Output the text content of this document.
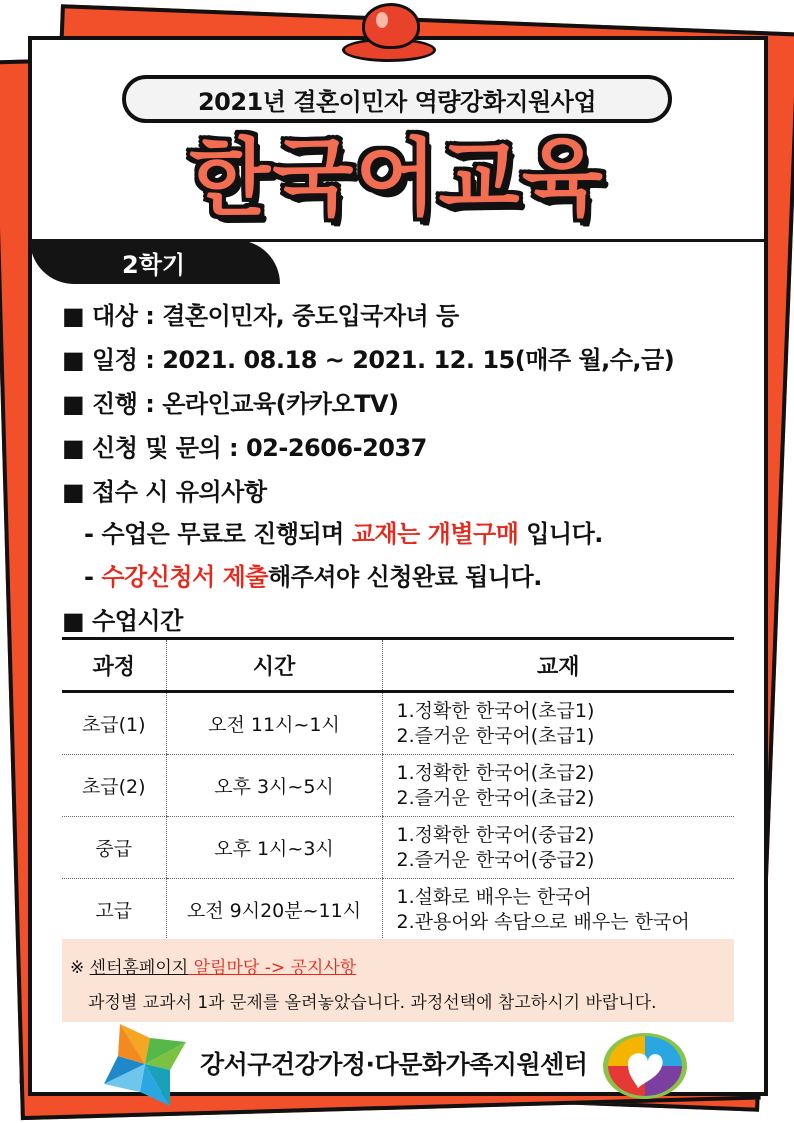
2021년 결혼이민자 역량강화지원사업
한국어교육
2학기
■ 대상 : 결혼이민자, 중도입국자녀 등
■ 일정 : 2021. 08.18 ~ 2021. 12. 15(매주 월,수,금)
■ 진행 : 온라인교육(카카오TV)
■ 신청 및 문의 : 02-2606-2037
■ 접수 시 유의사항
- 수업은 무료로 진행되며 교재는 개별구매 입니다.
- 수강신청서 제출해주셔야 신청완료 됩니다.
■ 수업시간
과정	시간	교재
초급(1)	오전 11시~1시	1.정확한 한국어(초급1)
2.즐거운 한국어(초급1)

초급(2)	오후 3시~5시	1.정확한 한국어(초급2)
2.즐거운 한국어(초급2)

중급	오후 1시~3시	1.정확한 한국어(중급2)
2.즐거운 한국어(중급2)

고급	오전 9시20분~11시	1.설화로 배우는 한국어
2.관용어와 속담으로 배우는 한국어
※ 센터홈페이지 알림마당 -> 공지사항
과정별 교과서 1과 문제를 올려놓았습니다. 과정선택에 참고하시기 바랍니다.
강서구건강가정·다문화가족지원센터
